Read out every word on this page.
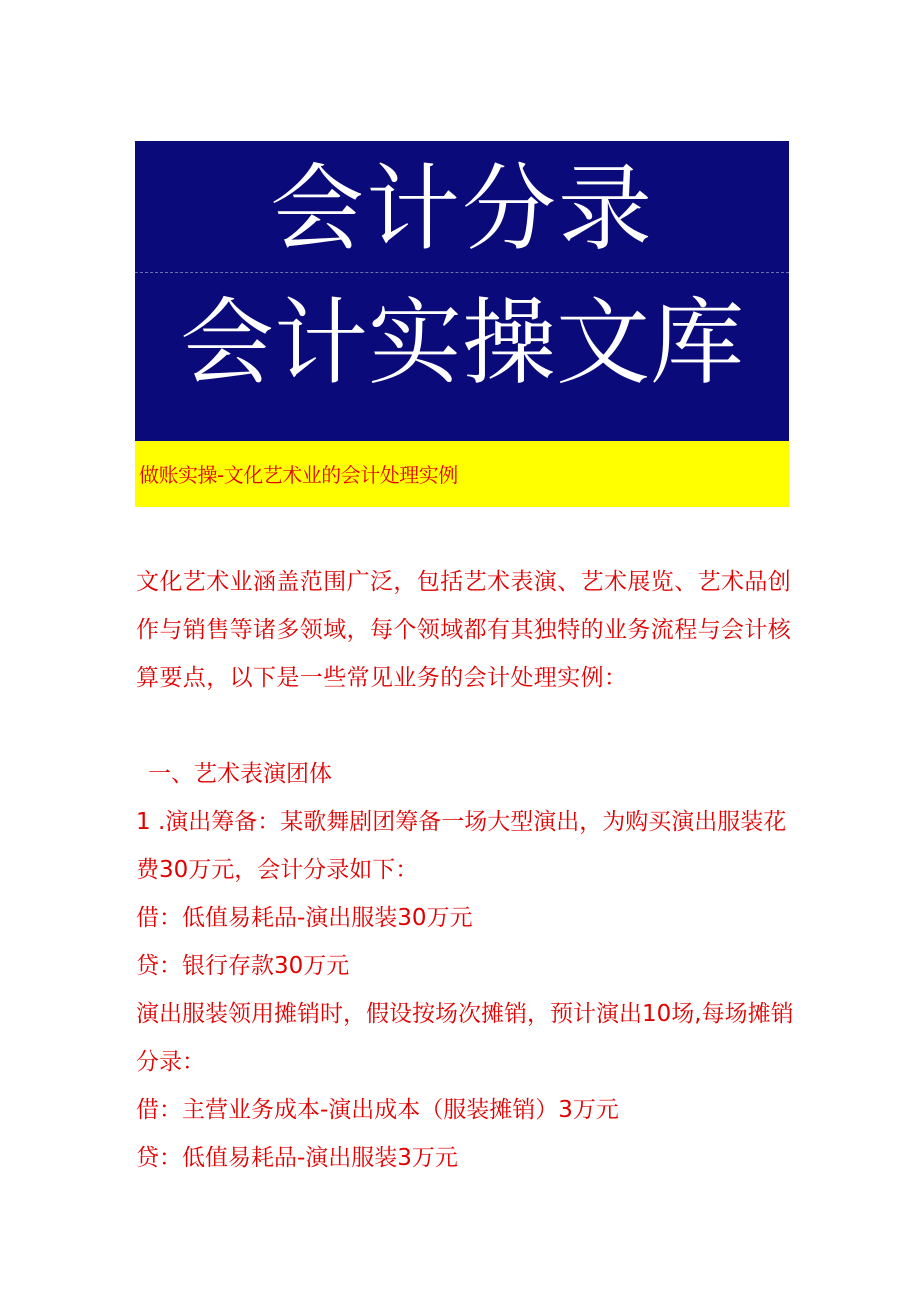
会计分录
会计实操文库
做账实操-文化艺术业的会计处理实例

文化艺术业涵盖范围广泛，包括艺术表演、艺术展览、艺术品创

作与销售等诸多领域，每个领域都有其独特的业务流程与会计核

算要点，以下是一些常见业务的会计处理实例：

一、艺术表演团体

1 .演出筹备：某歌舞剧团筹备一场大型演出，为购买演出服装花

费30万元，会计分录如下：

借：低值易耗品-演出服装30万元

贷：银行存款30万元

演出服装领用摊销时，假设按场次摊销，预计演出10场,每场摊销

分录：

借：主营业务成本-演出成本（服装摊销）3万元

贷：低值易耗品-演出服装3万元
